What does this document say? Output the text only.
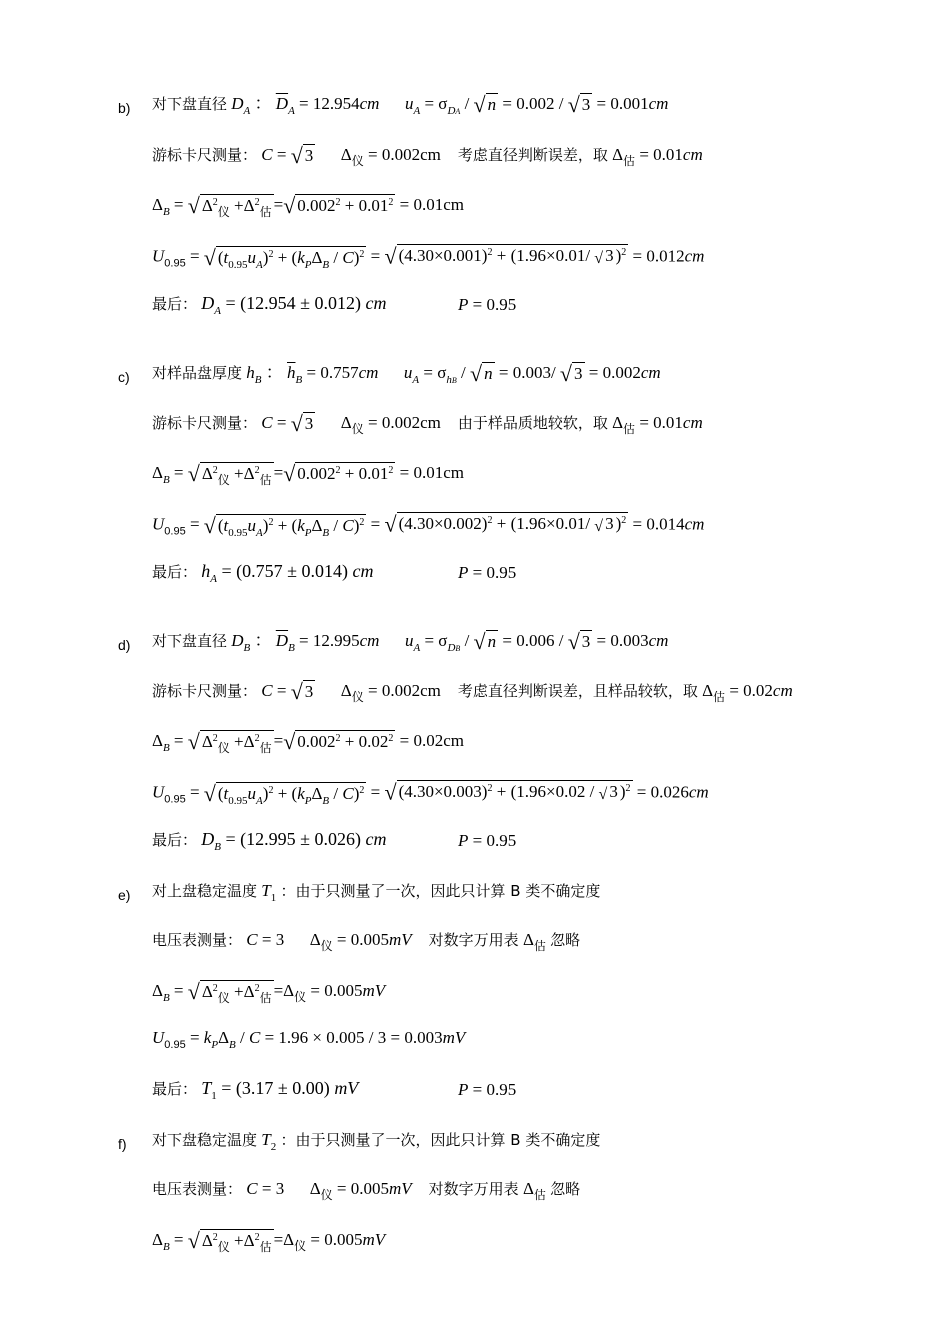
b) 对下盘直径 $D_A$ ： $\overline{D}_A = 12.954cm$ $u_A = \sigma_{DA}$ / √ n = 0.002 / √ 3 = 0.001cm
游标卡尺测量： C = √ 3      $\Delta_仪 = 0.002cm$ 考虑直径判断误差，取 $\Delta_估 = 0.01cm$
$\Delta_B$ = √ $\Delta^2_仪 +\Delta^2_估$ =√ $0.002^2 + 0.01^2 = 0.01cm$
$U_{0.95}$ = √ $(t_{0.95}u_A)^2 + (k_P\Delta_B / C)^2$ = √ $(4.30\times 0.001)^2 + (1.96\times 0.01/$ √ 3 )$^2$ = 0.012cm
最后： $D_A = (12.954 \pm 0.012)$ cm	P = 0.95
c) 对样品盘厚度 $h_B$ ： $\overline{h}_B = 0.757cm$ $u_A = \sigma_{hB}$ / √ n = 0.003/ √ 3 = 0.002cm
游标卡尺测量： C = √ 3      $\Delta_仪 = 0.002cm$ 由于样品质地较软，取 $\Delta_估 = 0.01cm$
$\Delta_B$ = √ $\Delta^2_仪 +\Delta^2_估$ =√ $0.002^2 + 0.01^2 = 0.01cm$
$U_{0.95}$ = √ $(t_{0.95}u_A)^2 + (k_P\Delta_B / C)^2$ = √ $(4.30\times 0.002)^2 + (1.96\times 0.01/$ √ 3 )$^2$ = 0.014cm
最后： $h_A = (0.757 \pm 0.014)$ cm	P = 0.95
d) 对下盘直径 $D_B$ ： $\overline{D}_B = 12.995cm$ $u_A = \sigma_{DB}$ / √ n = 0.006 / √ 3 = 0.003cm
游标卡尺测量： C = √ 3      $\Delta_仪 = 0.002cm$ 考虑直径判断误差，且样品较软，取 $\Delta_估 = 0.02cm$
$\Delta_B$ = √ $\Delta^2_仪 +\Delta^2_估$ =√ $0.002^2 + 0.02^2 = 0.02cm$
$U_{0.95}$ = √ $(t_{0.95}u_A)^2 + (k_P\Delta_B / C)^2$ = √ $(4.30\times 0.003)^2 + (1.96\times 0.02$ / √ 3 )$^2$ = 0.026cm
最后： $D_B = (12.995 \pm 0.026)$ cm	P = 0.95
e) 对上盘稳定温度 $T_1$ ：由于只测量了一次，因此只计算 B 类不确定度
电压表测量： C = 3      $\Delta_仪 = 0.005mV$ 对数字万用表 $\Delta_估$ 忽略
$\Delta_B$ = √ $\Delta^2_仪 +\Delta^2_估 =\Delta_仪 = 0.005mV$
$U_{0.95} = k_P\Delta_B / C = 1.96 \times 0.005 / 3 = 0.003mV$
最后： $T_1 = (3.17 \pm 0.00)$ mV	P = 0.95
f) 对下盘稳定温度 $T_2$ ：由于只测量了一次，因此只计算 B 类不确定度
电压表测量： C = 3      $\Delta_仪 = 0.005mV$ 对数字万用表 $\Delta_估$ 忽略
$\Delta_B$ = √ $\Delta^2_仪 +\Delta^2_估 =\Delta_仪 = 0.005mV$
